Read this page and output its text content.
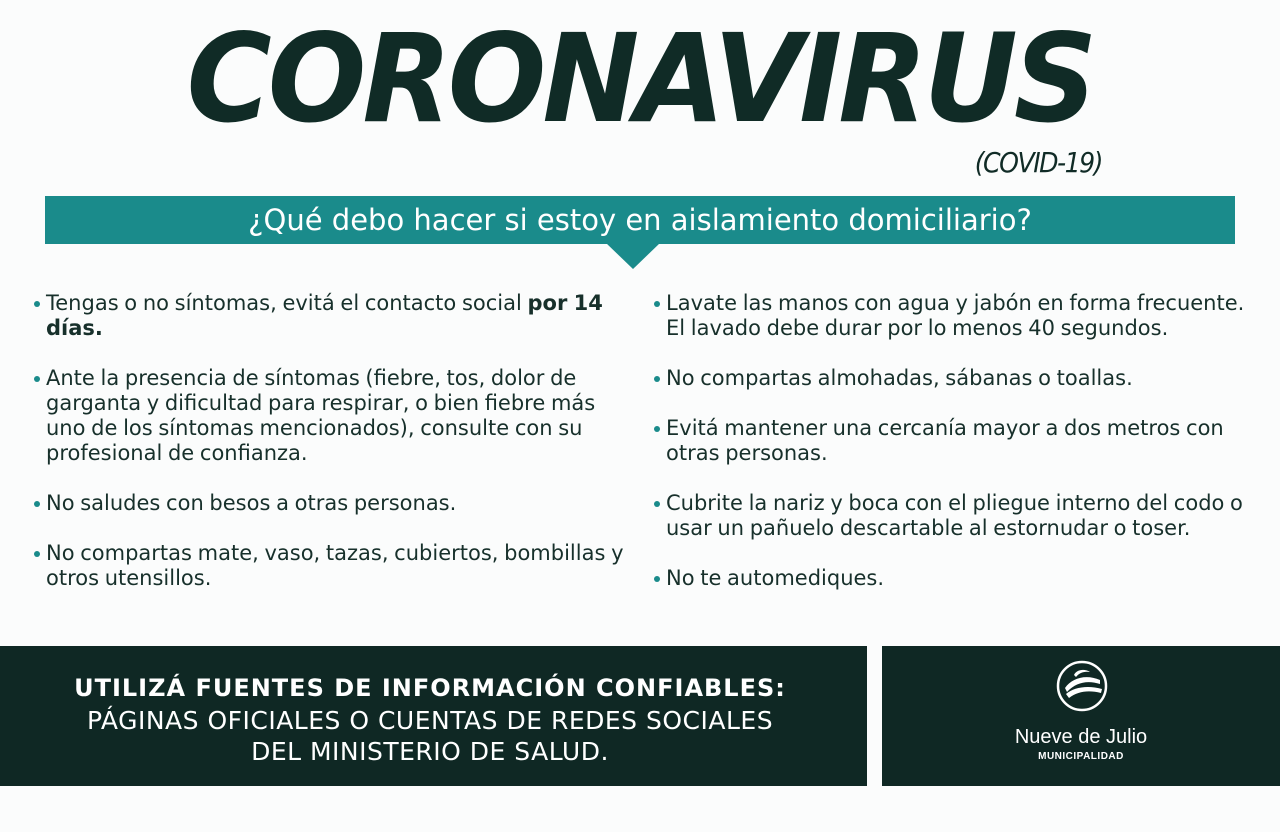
CORONAVIRUS
(COVID-19)
¿Qué debo hacer si estoy en aislamiento domiciliario?
Tengas o no síntomas, evitá el contacto social por 14 días.
Ante la presencia de síntomas (fiebre, tos, dolor de garganta y dificultad para respirar, o bien fiebre más uno de los síntomas mencionados), consulte con su profesional de confianza.
No saludes con besos a otras personas.
No compartas mate, vaso, tazas, cubiertos, bombillas y otros utensillos.
Lavate las manos con agua y jabón en forma frecuente. El lavado debe durar por lo menos 40 segundos.
No compartas almohadas, sábanas o toallas.
Evitá mantener una cercanía mayor a dos metros con otras personas.
Cubrite la nariz y boca con el pliegue interno del codo o usar un pañuelo descartable al estornudar o toser.
No te automediques.
UTILIZÁ FUENTES DE INFORMACIÓN CONFIABLES:
PÁGINAS OFICIALES O CUENTAS DE REDES SOCIALES
DEL MINISTERIO DE SALUD.	Nueve de Julio
MUNICIPALIDAD
